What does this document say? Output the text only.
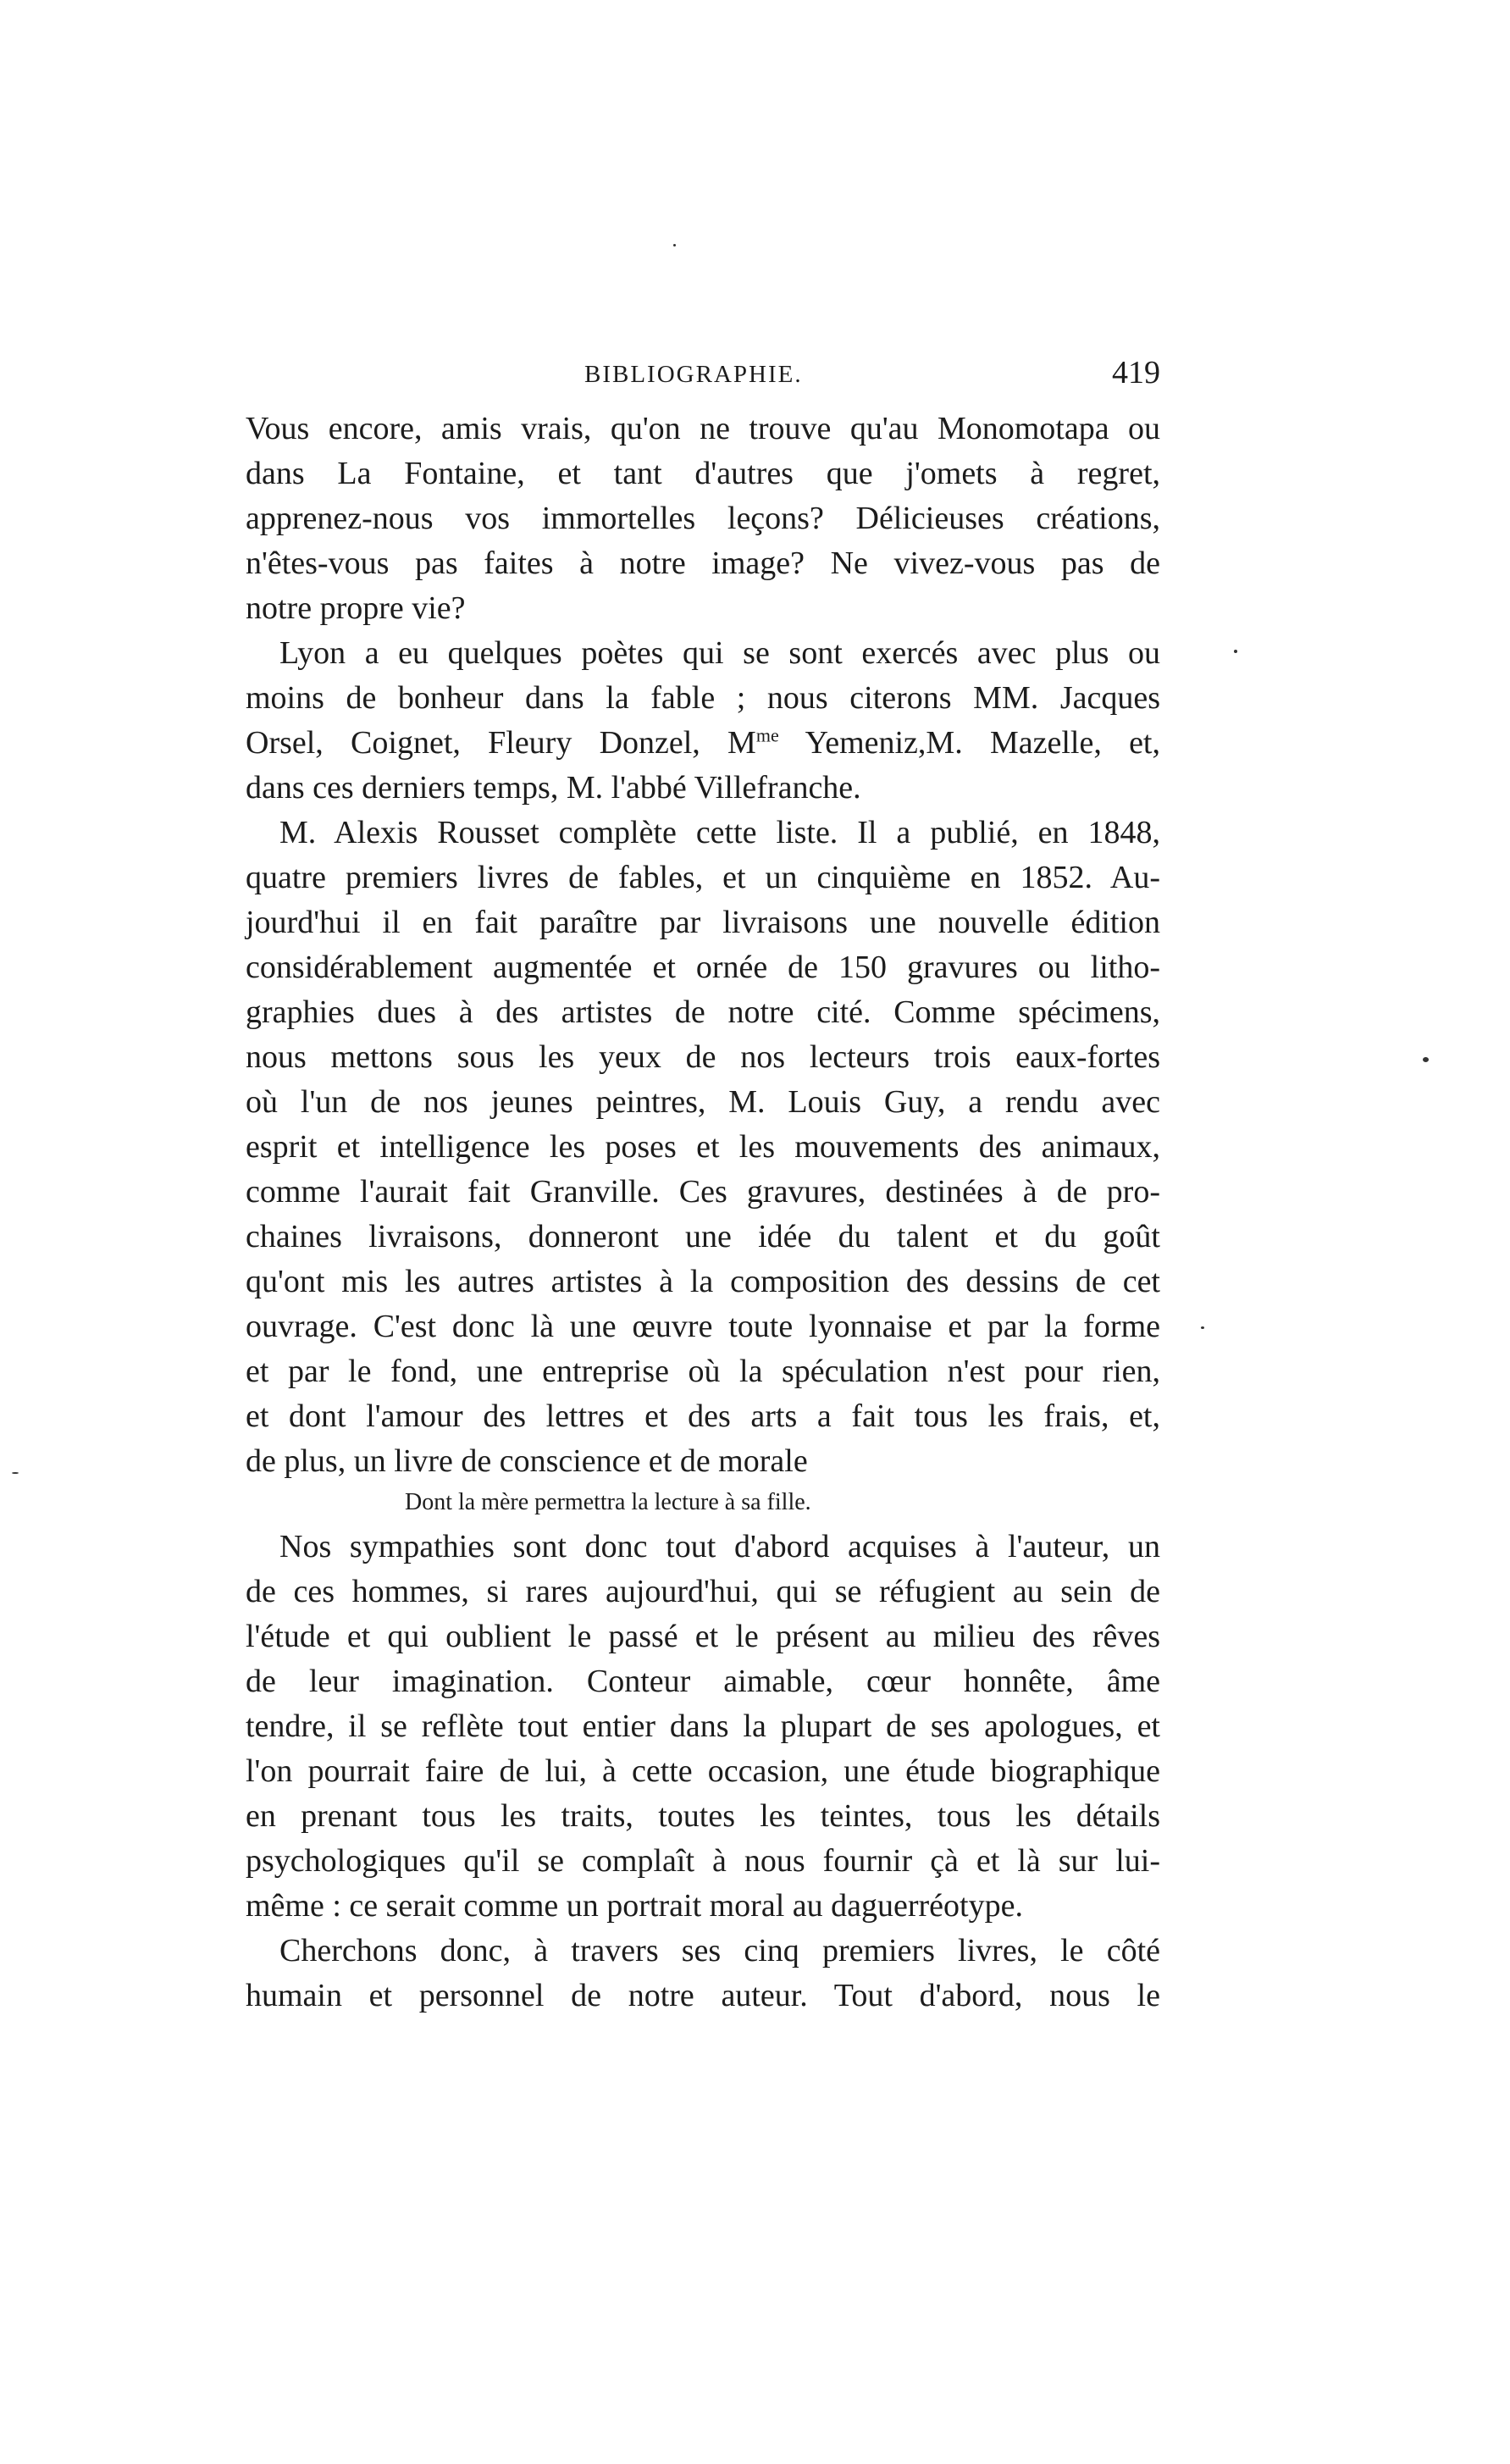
BIBLIOGRAPHIE.	419
Vous encore, amis vrais, qu'on ne trouve qu'au Monomotapa ou
dans La Fontaine, et tant d'autres que j'omets à regret,
apprenez-nous vos immortelles leçons? Délicieuses créations,
n'êtes-vous pas faites à notre image? Ne vivez-vous pas de
notre propre vie?
Lyon a eu quelques poètes qui se sont exercés avec plus ou
moins de bonheur dans la fable ; nous citerons MM. Jacques
Orsel, Coignet, Fleury Donzel, $M^{me}$ Yemeniz,M. Mazelle, et,
dans ces derniers temps, M. l'abbé Villefranche.
M. Alexis Rousset complète cette liste. Il a publié, en 1848,
quatre premiers livres de fables, et un cinquième en 1852. Au-
jourd'hui il en fait paraître par livraisons une nouvelle édition
considérablement augmentée et ornée de 150 gravures ou litho-
graphies dues à des artistes de notre cité. Comme spécimens,
nous mettons sous les yeux de nos lecteurs trois eaux-fortes
où l'un de nos jeunes peintres, M. Louis Guy, a rendu avec
esprit et intelligence les poses et les mouvements des animaux,
comme l'aurait fait Granville. Ces gravures, destinées à de pro-
chaines livraisons, donneront une idée du talent et du goût
qu'ont mis les autres artistes à la composition des dessins de cet
ouvrage. C'est donc là une œuvre toute lyonnaise et par la forme
et par le fond, une entreprise où la spéculation n'est pour rien,
et dont l'amour des lettres et des arts a fait tous les frais, et,
de plus, un livre de conscience et de morale
Dont la mère permettra la lecture à sa fille.
Nos sympathies sont donc tout d'abord acquises à l'auteur, un
de ces hommes, si rares aujourd'hui, qui se réfugient au sein de
l'étude et qui oublient le passé et le présent au milieu des rêves
de leur imagination. Conteur aimable, cœur honnête, âme
tendre, il se reflète tout entier dans la plupart de ses apologues, et
l'on pourrait faire de lui, à cette occasion, une étude biographique
en prenant tous les traits, toutes les teintes, tous les détails
psychologiques qu'il se complaît à nous fournir çà et là sur lui-
même : ce serait comme un portrait moral au daguerréotype.
Cherchons donc, à travers ses cinq premiers livres, le côté
humain et personnel de notre auteur. Tout d'abord, nous le
